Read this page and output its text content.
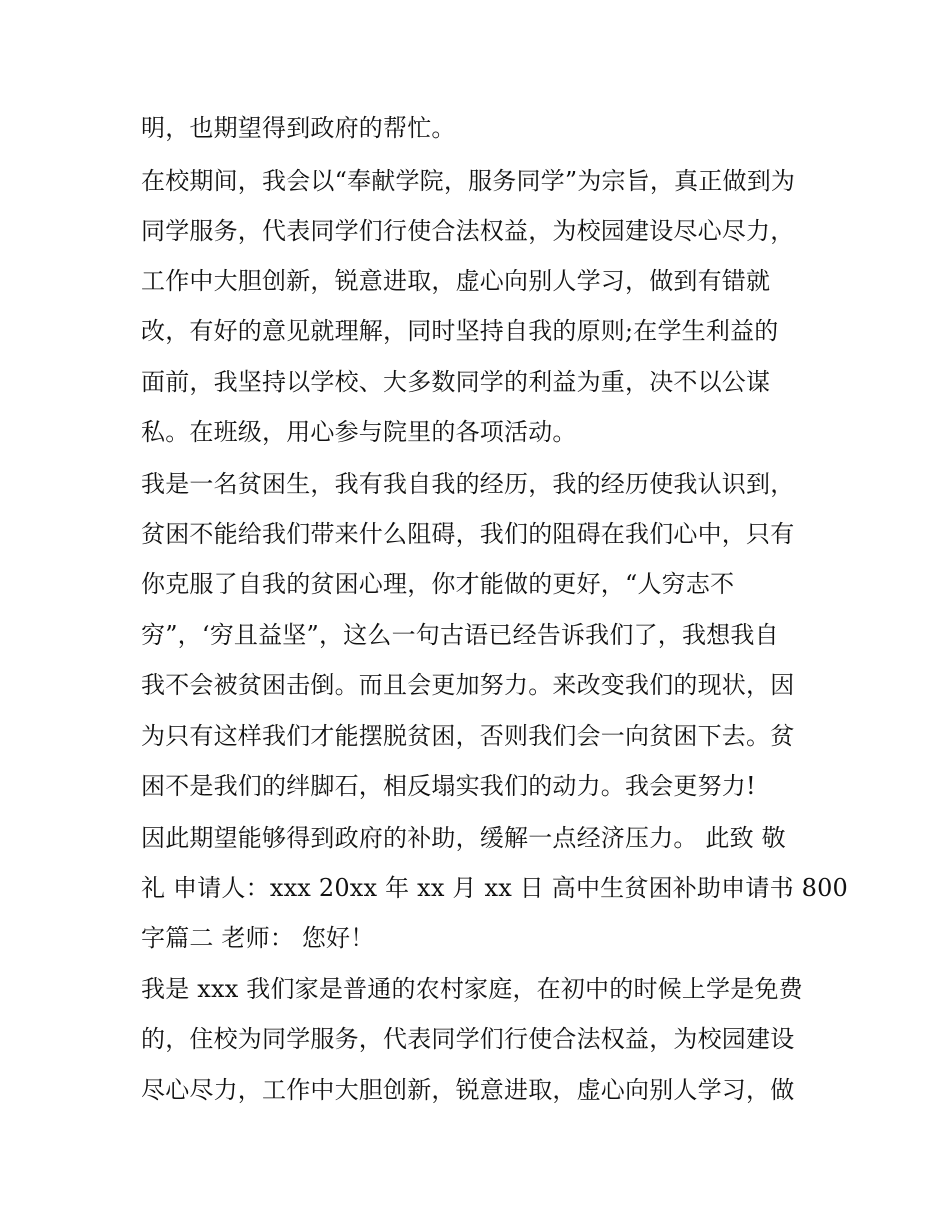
明，也期望得到政府的帮忙。
在校期间，我会以“奉献学院，服务同学”为宗旨，真正做到为
同学服务，代表同学们行使合法权益，为校园建设尽心尽力，
工作中大胆创新，锐意进取，虚心向别人学习，做到有错就
改，有好的意见就理解，同时坚持自我的原则;在学生利益的
面前，我坚持以学校、大多数同学的利益为重，决不以公谋
私。在班级，用心参与院里的各项活动。
我是一名贫困生，我有我自我的经历，我的经历使我认识到，
贫困不能给我们带来什么阻碍，我们的阻碍在我们心中，只有
你克服了自我的贫困心理，你才能做的更好，“人穷志不
穷”，‘穷且益坚”，这么一句古语已经告诉我们了，我想我自
我不会被贫困击倒。而且会更加努力。来改变我们的现状，因
为只有这样我们才能摆脱贫困，否则我们会一向贫困下去。贫
困不是我们的绊脚石，相反塌实我们的动力。我会更努力!
因此期望能够得到政府的补助，缓解一点经济压力。 此致 敬
礼 申请人：xxx 20xx 年 xx 月 xx 日 高中生贫困补助申请书 800
字篇二 老师： 您好！
我是 xxx 我们家是普通的农村家庭，在初中的时候上学是免费
的，住校为同学服务，代表同学们行使合法权益，为校园建设
尽心尽力，工作中大胆创新，锐意进取，虚心向别人学习，做
